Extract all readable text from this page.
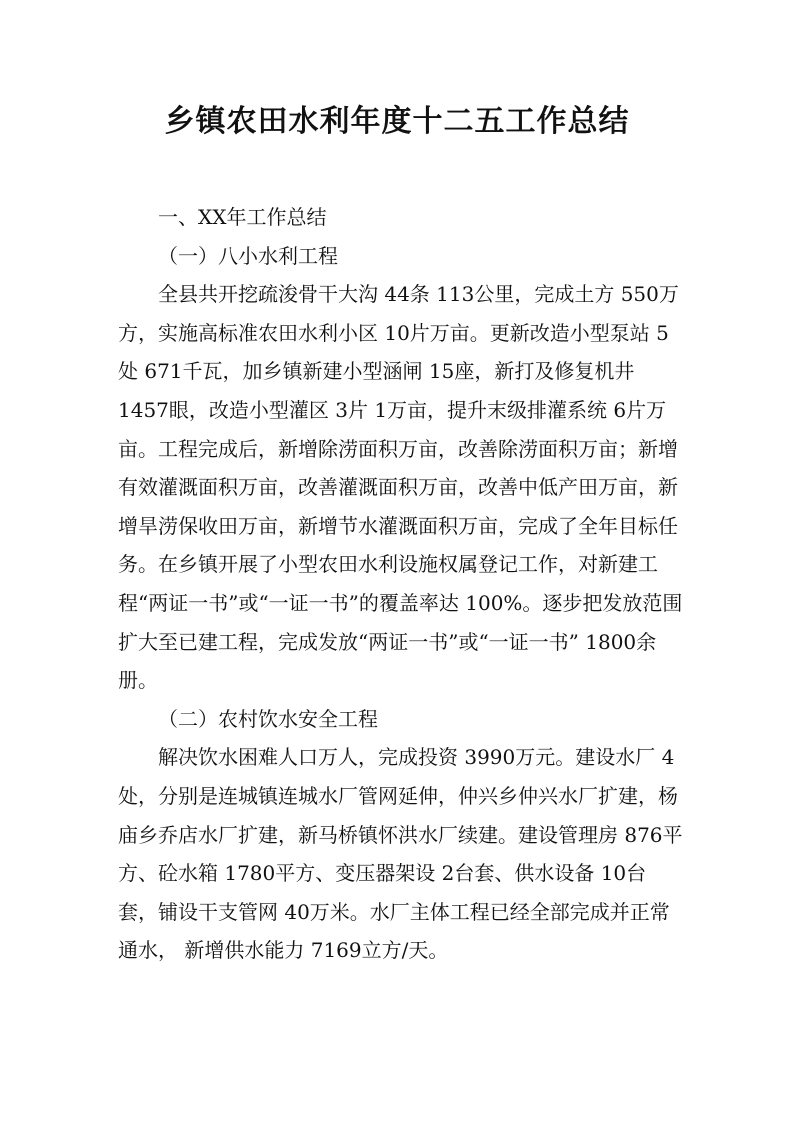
乡镇农田水利年度十二五工作总结

一、XX年工作总结

（一）八小水利工程

全县共开挖疏浚骨干大沟 44条 113公里，完成土方 550万方，实施高标准农田水利小区 10片万亩。更新改造小型泵站 5处 671千瓦，加乡镇新建小型涵闸 15座，新打及修复机井 1457眼，改造小型灌区 3片 1万亩，提升末级排灌系统 6片万亩。工程完成后，新增除涝面积万亩，改善除涝面积万亩；新增有效灌溉面积万亩，改善灌溉面积万亩，改善中低产田万亩，新增旱涝保收田万亩，新增节水灌溉面积万亩，完成了全年目标任务。在乡镇开展了小型农田水利设施权属登记工作，对新建工程“两证一书”或“一证一书”的覆盖率达 100%。逐步把发放范围扩大至已建工程，完成发放“两证一书”或“一证一书” 1800余册。

（二）农村饮水安全工程

解决饮水困难人口万人，完成投资 3990万元。建设水厂 4处，分别是连城镇连城水厂管网延伸，仲兴乡仲兴水厂扩建，杨庙乡乔店水厂扩建，新马桥镇怀洪水厂续建。建设管理房 876平方、砼水箱 1780平方、变压器架设 2台套、供水设备 10台套，铺设干支管网 40万米。水厂主体工程已经全部完成并正常通水， 新增供水能力 7169立方/天。
